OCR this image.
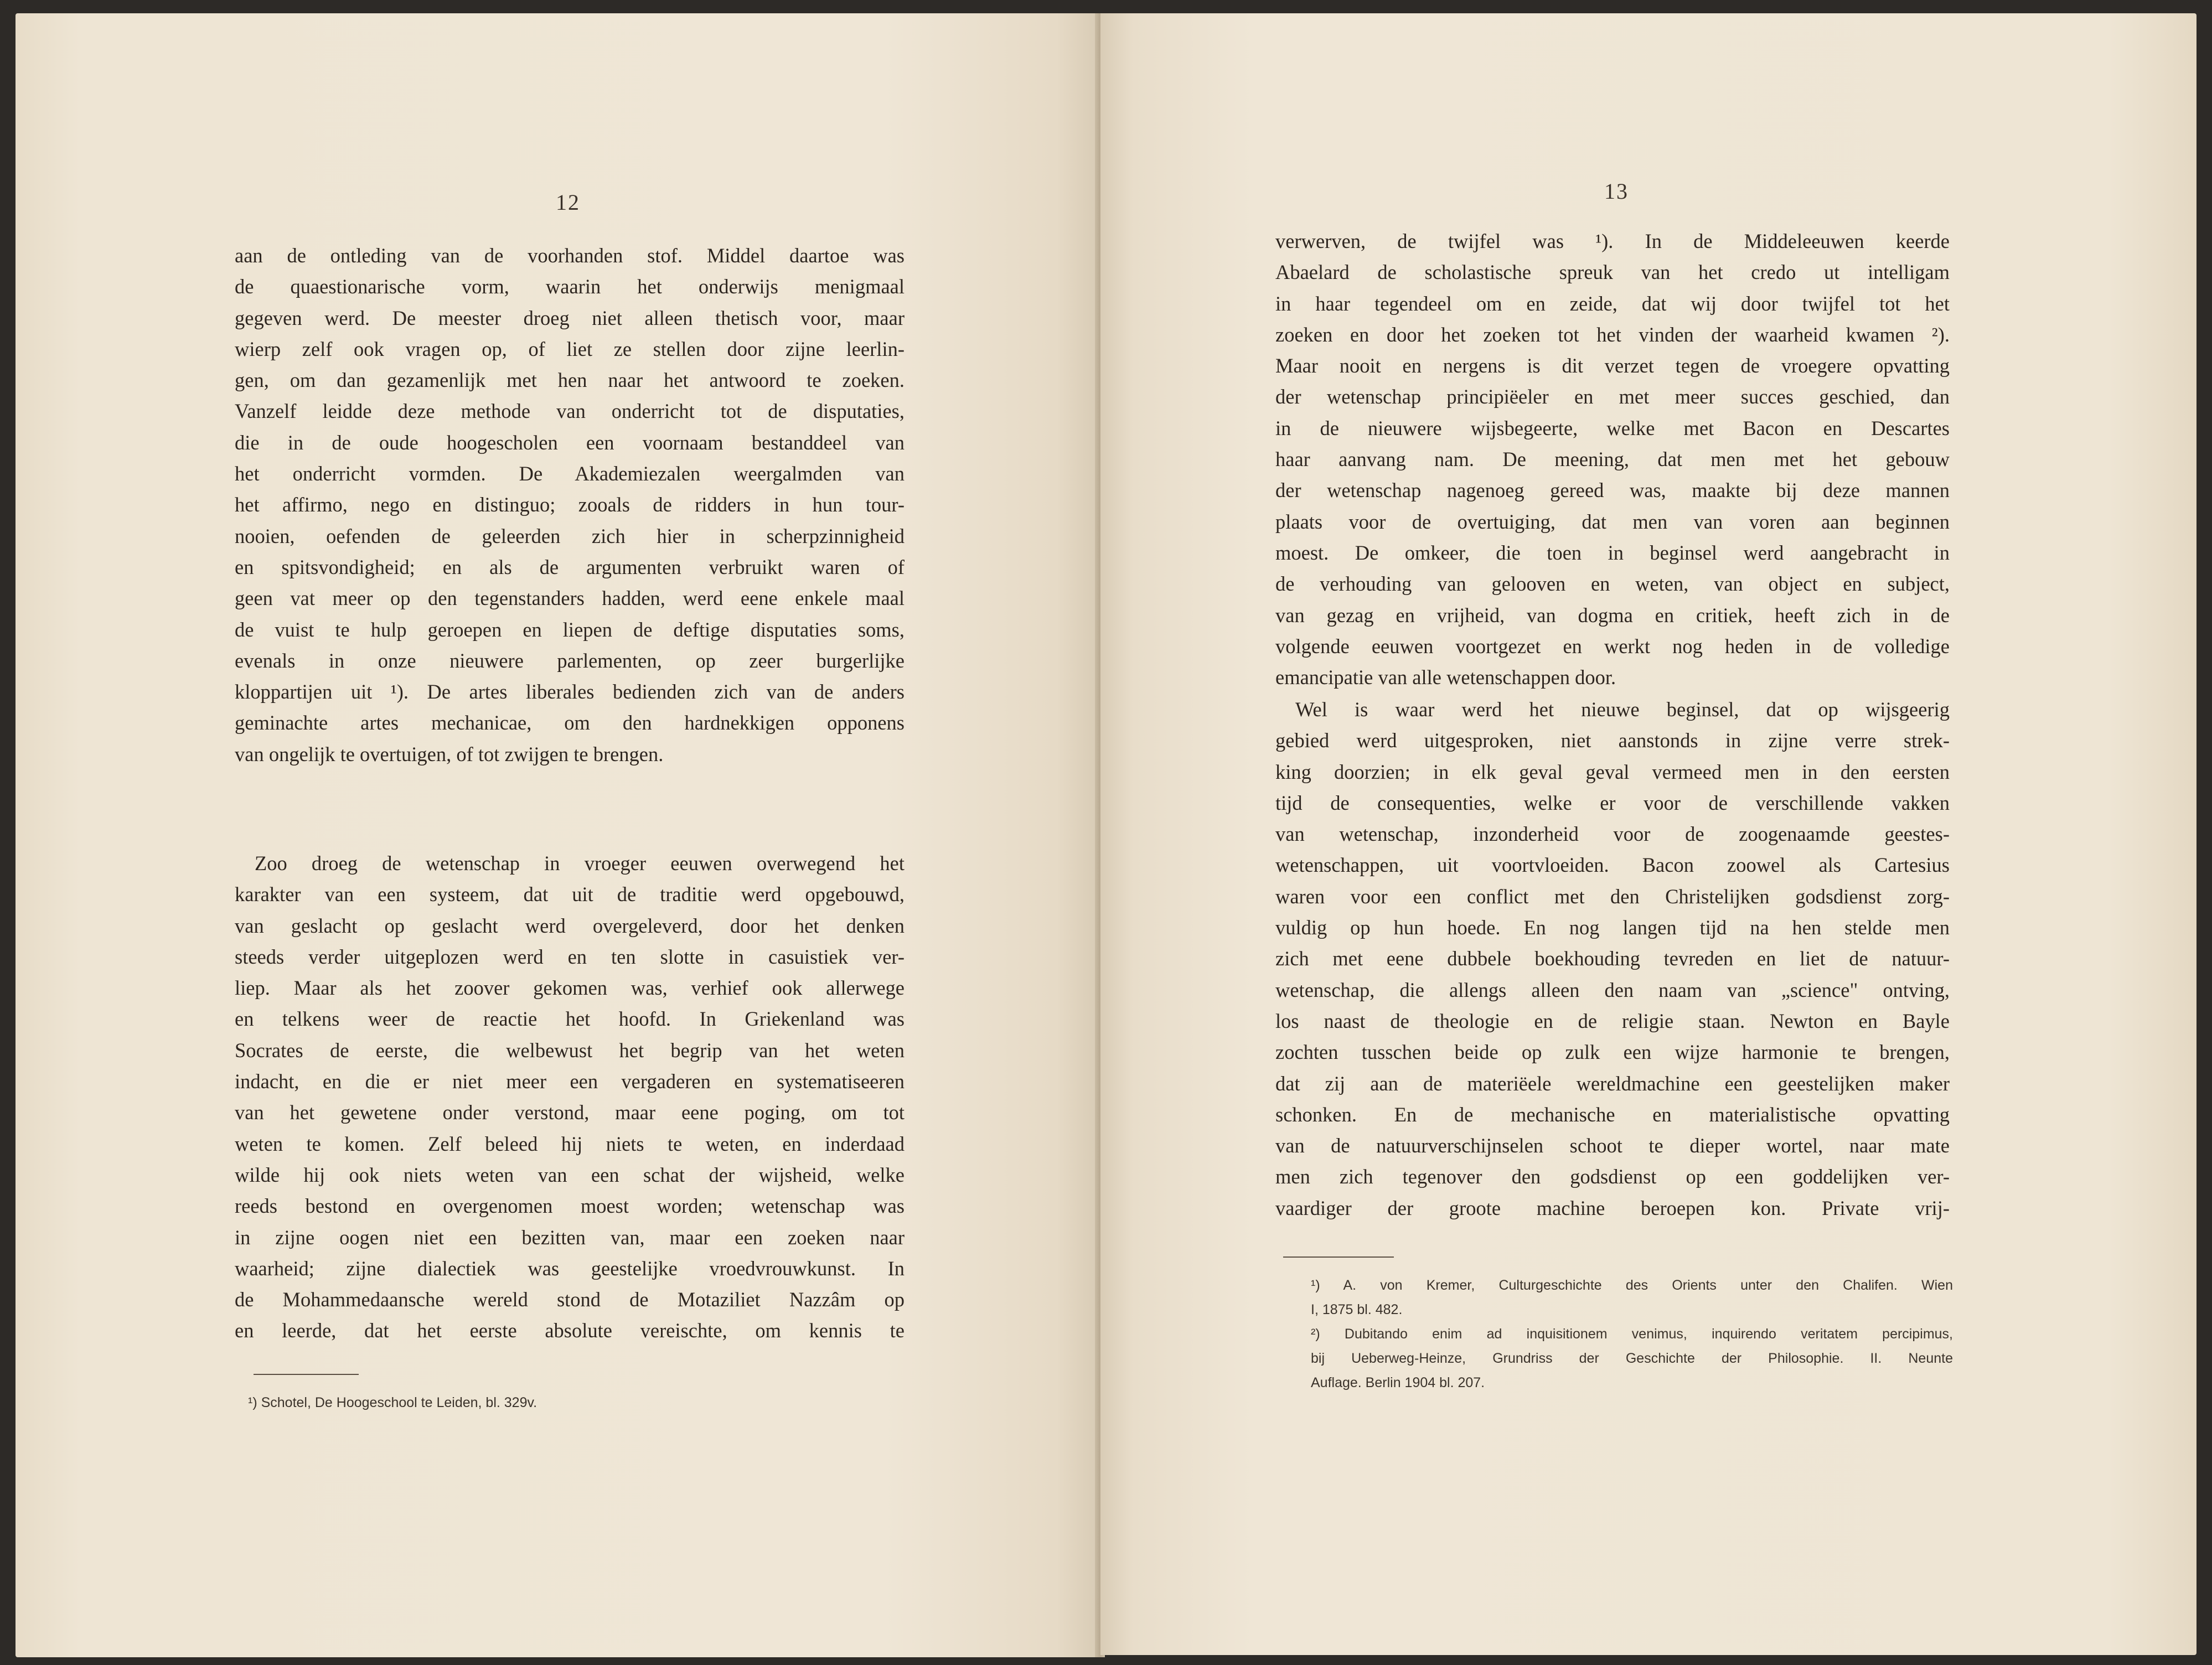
12
aan de ontleding van de voorhanden stof. Middel daartoe was
de quaestionarische vorm, waarin het onderwijs menigmaal
gegeven werd. De meester droeg niet alleen thetisch voor, maar
wierp zelf ook vragen op, of liet ze stellen door zijne leerlin-
gen, om dan gezamenlijk met hen naar het antwoord te zoeken.
Vanzelf leidde deze methode van onderricht tot de disputaties,
die in de oude hoogescholen een voornaam bestanddeel van
het onderricht vormden. De Akademiezalen weergalmden van
het affirmo, nego en distinguo; zooals de ridders in hun tour-
nooien, oefenden de geleerden zich hier in scherpzinnigheid
en spitsvondigheid; en als de argumenten verbruikt waren of
geen vat meer op den tegenstanders hadden, werd eene enkele maal
de vuist te hulp geroepen en liepen de deftige disputaties soms,
evenals in onze nieuwere parlementen, op zeer burgerlijke
kloppartijen uit ¹). De artes liberales bedienden zich van de anders
geminachte artes mechanicae, om den hardnekkigen opponens
van ongelijk te overtuigen, of tot zwijgen te brengen.
Zoo droeg de wetenschap in vroeger eeuwen overwegend het
karakter van een systeem, dat uit de traditie werd opgebouwd,
van geslacht op geslacht werd overgeleverd, door het denken
steeds verder uitgeplozen werd en ten slotte in casuistiek ver-
liep. Maar als het zoover gekomen was, verhief ook allerwege
en telkens weer de reactie het hoofd. In Griekenland was
Socrates de eerste, die welbewust het begrip van het weten
indacht, en die er niet meer een vergaderen en systematiseeren
van het gewetene onder verstond, maar eene poging, om tot
weten te komen. Zelf beleed hij niets te weten, en inderdaad
wilde hij ook niets weten van een schat der wijsheid, welke
reeds bestond en overgenomen moest worden; wetenschap was
in zijne oogen niet een bezitten van, maar een zoeken naar
waarheid; zijne dialectiek was geestelijke vroedvrouwkunst. In
de Mohammedaansche wereld stond de Motaziliet Nazzâm op
en leerde, dat het eerste absolute vereischte, om kennis te
¹) Schotel, De Hoogeschool te Leiden, bl. 329v.
13
verwerven, de twijfel was ¹). In de Middeleeuwen keerde
Abaelard de scholastische spreuk van het credo ut intelligam
in haar tegendeel om en zeide, dat wij door twijfel tot het
zoeken en door het zoeken tot het vinden der waarheid kwamen ²).
Maar nooit en nergens is dit verzet tegen de vroegere opvatting
der wetenschap principiëeler en met meer succes geschied, dan
in de nieuwere wijsbegeerte, welke met Bacon en Descartes
haar aanvang nam. De meening, dat men met het gebouw
der wetenschap nagenoeg gereed was, maakte bij deze mannen
plaats voor de overtuiging, dat men van voren aan beginnen
moest. De omkeer, die toen in beginsel werd aangebracht in
de verhouding van gelooven en weten, van object en subject,
van gezag en vrijheid, van dogma en critiek, heeft zich in de
volgende eeuwen voortgezet en werkt nog heden in de volledige
emancipatie van alle wetenschappen door.
Wel is waar werd het nieuwe beginsel, dat op wijsgeerig
gebied werd uitgesproken, niet aanstonds in zijne verre strek-
king doorzien; in elk geval geval vermeed men in den eersten
tijd de consequenties, welke er voor de verschillende vakken
van wetenschap, inzonderheid voor de zoogenaamde geestes-
wetenschappen, uit voortvloeiden. Bacon zoowel als Cartesius
waren voor een conflict met den Christelijken godsdienst zorg-
vuldig op hun hoede. En nog langen tijd na hen stelde men
zich met eene dubbele boekhouding tevreden en liet de natuur-
wetenschap, die allengs alleen den naam van „science" ontving,
los naast de theologie en de religie staan. Newton en Bayle
zochten tusschen beide op zulk een wijze harmonie te brengen,
dat zij aan de materiëele wereldmachine een geestelijken maker
schonken. En de mechanische en materialistische opvatting
van de natuurverschijnselen schoot te dieper wortel, naar mate
men zich tegenover den godsdienst op een goddelijken ver-
vaardiger der groote machine beroepen kon. Private vrij-
¹) A. von Kremer, Culturgeschichte des Orients unter den Chalifen. Wien
I, 1875 bl. 482.
²) Dubitando enim ad inquisitionem venimus, inquirendo veritatem percipimus,
bij Ueberweg-Heinze, Grundriss der Geschichte der Philosophie. II. Neunte
Auflage. Berlin 1904 bl. 207.
